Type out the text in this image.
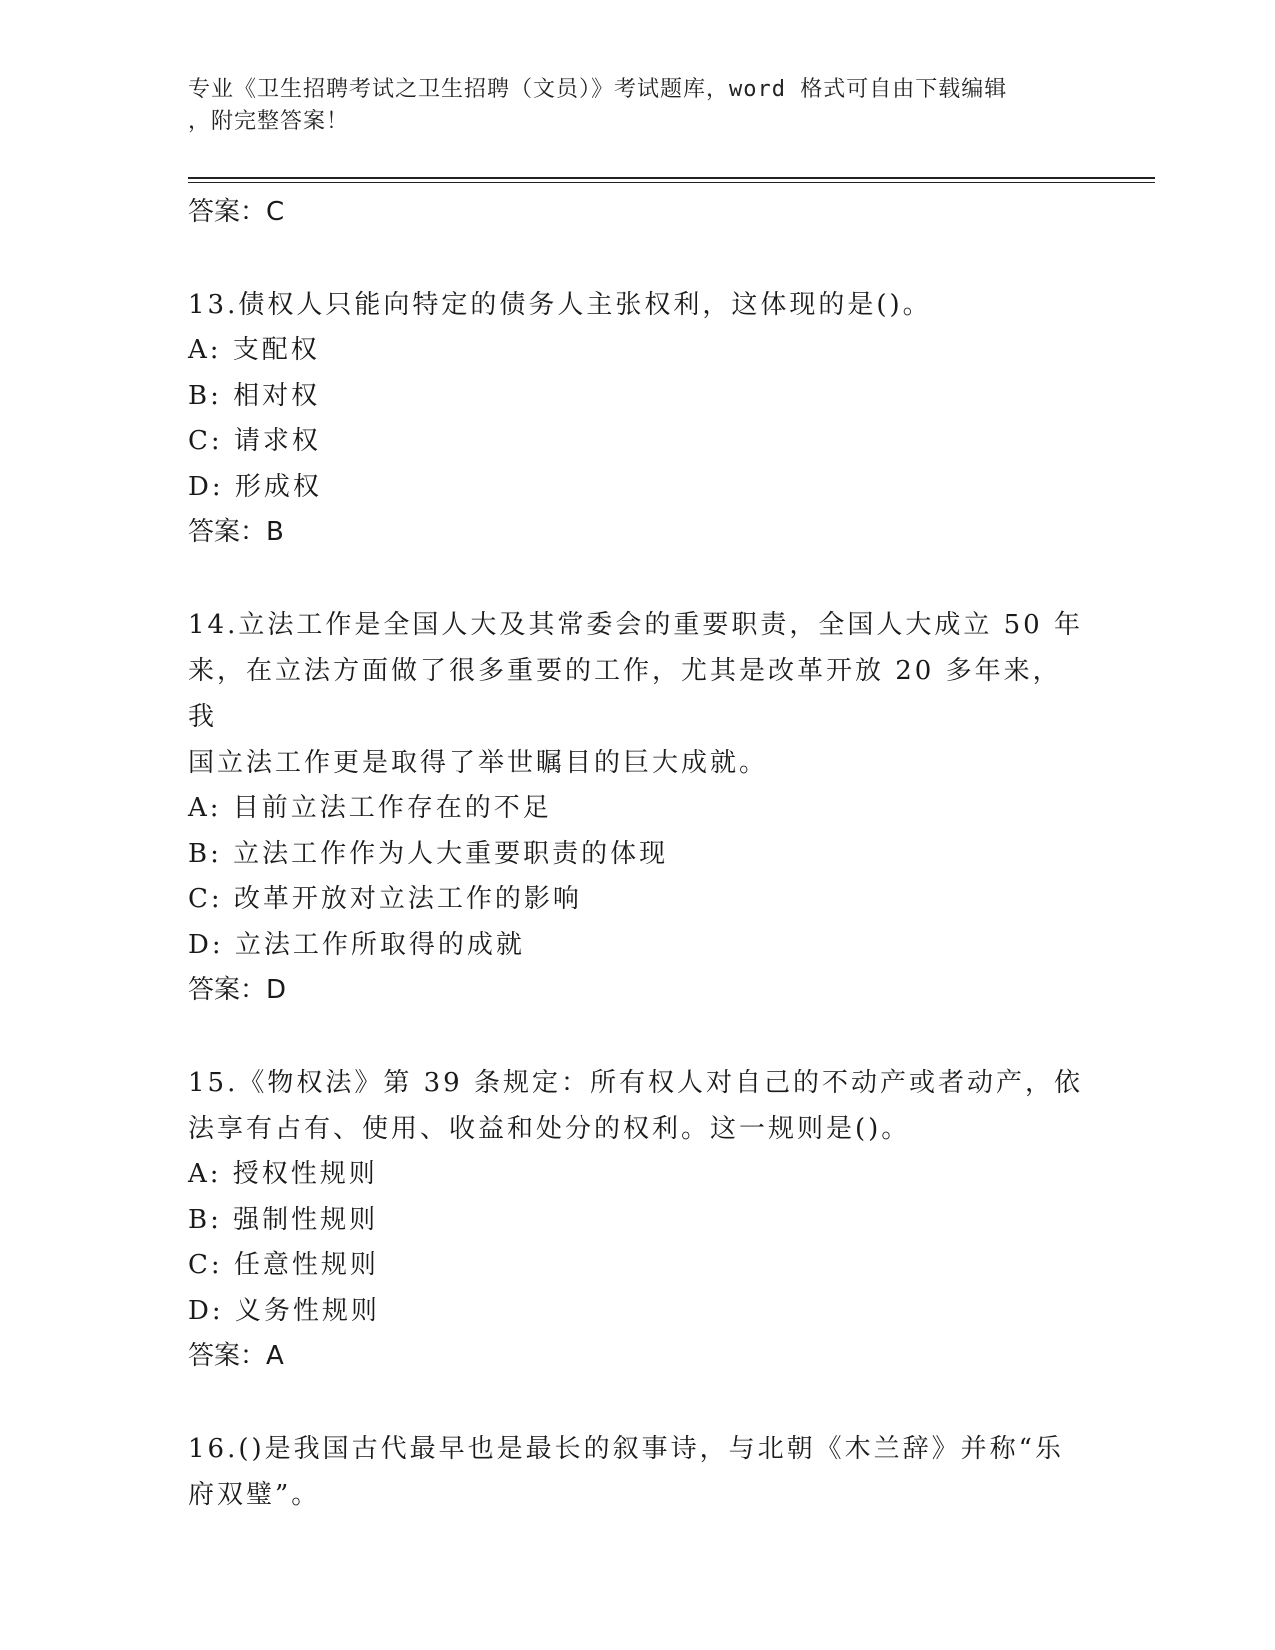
专业《卫生招聘考试之卫生招聘（文员）》考试题库，word 格式可自由下载编辑
，附完整答案！
答案：C
13.债权人只能向特定的债务人主张权利，这体现的是()。
A: 支配权
B: 相对权
C: 请求权
D: 形成权
答案：B
14.立法工作是全国人大及其常委会的重要职责，全国人大成立 50 年
来，在立法方面做了很多重要的工作，尤其是改革开放 20 多年来，我
国立法工作更是取得了举世瞩目的巨大成就。
A: 目前立法工作存在的不足
B: 立法工作作为人大重要职责的体现
C: 改革开放对立法工作的影响
D: 立法工作所取得的成就
答案：D
15.《物权法》第 39 条规定：所有权人对自己的不动产或者动产，依
法享有占有、使用、收益和处分的权利。这一规则是()。
A: 授权性规则
B: 强制性规则
C: 任意性规则
D: 义务性规则
答案：A
16.()是我国古代最早也是最长的叙事诗，与北朝《木兰辞》并称“乐
府双璧”。
